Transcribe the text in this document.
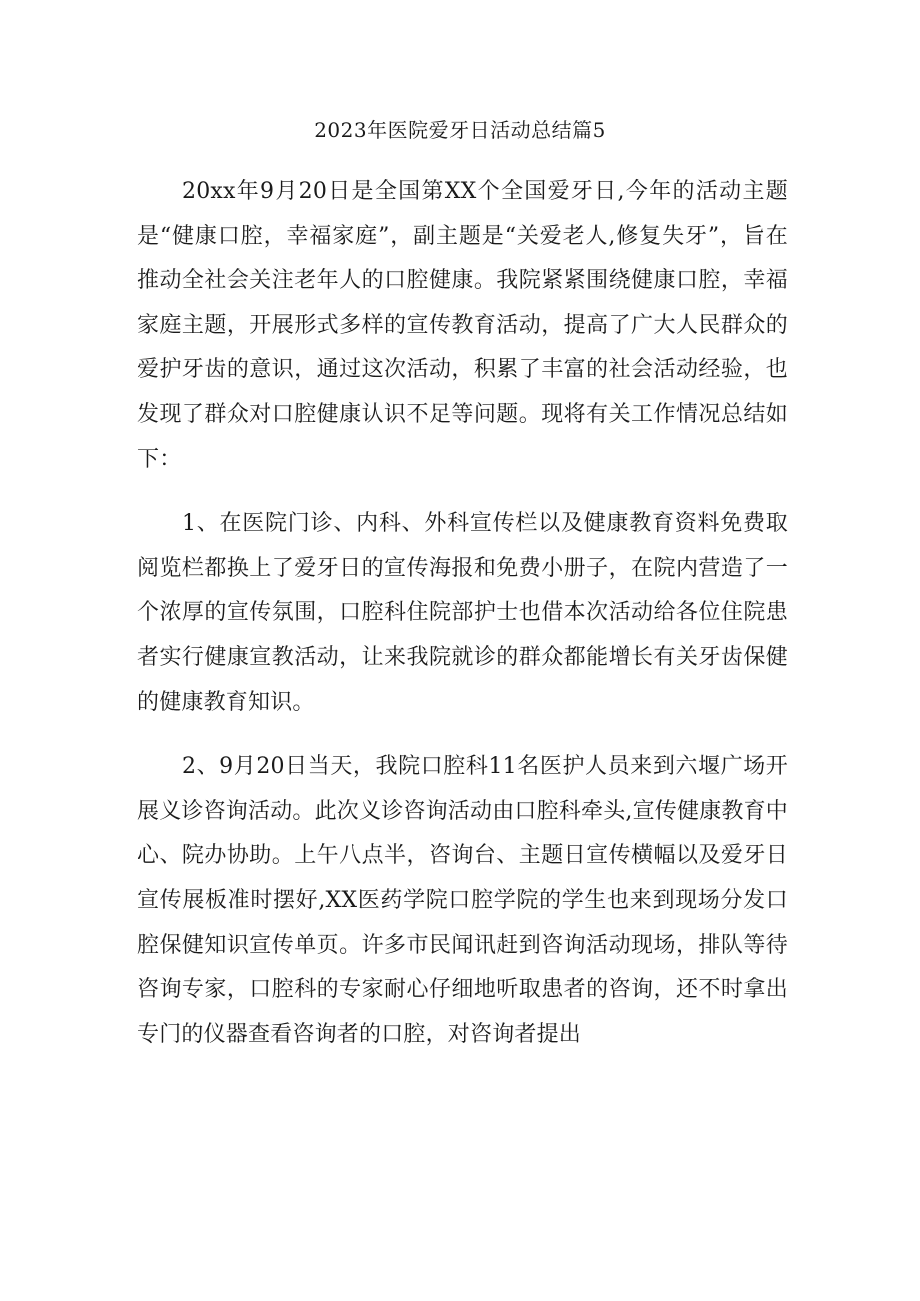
2023年医院爱牙日活动总结篇5

20xx年9月20日是全国第XX个全国爱牙日,今年的活动主题是“健康口腔，幸福家庭”，副主题是“关爱老人,修复失牙”，旨在推动全社会关注老年人的口腔健康。我院紧紧围绕健康口腔，幸福家庭主题，开展形式多样的宣传教育活动，提高了广大人民群众的爱护牙齿的意识，通过这次活动，积累了丰富的社会活动经验，也发现了群众对口腔健康认识不足等问题。现将有关工作情况总结如下：

1、在医院门诊、内科、外科宣传栏以及健康教育资料免费取阅览栏都换上了爱牙日的宣传海报和免费小册子，在院内营造了一个浓厚的宣传氛围，口腔科住院部护士也借本次活动给各位住院患者实行健康宣教活动，让来我院就诊的群众都能增长有关牙齿保健的健康教育知识。

2、9月20日当天，我院口腔科11名医护人员来到六堰广场开展义诊咨询活动。此次义诊咨询活动由口腔科牵头,宣传健康教育中心、院办协助。上午八点半，咨询台、主题日宣传横幅以及爱牙日宣传展板准时摆好,XX医药学院口腔学院的学生也来到现场分发口腔保健知识宣传单页。许多市民闻讯赶到咨询活动现场，排队等待咨询专家，口腔科的专家耐心仔细地听取患者的咨询，还不时拿出专门的仪器查看咨询者的口腔，对咨询者提出
